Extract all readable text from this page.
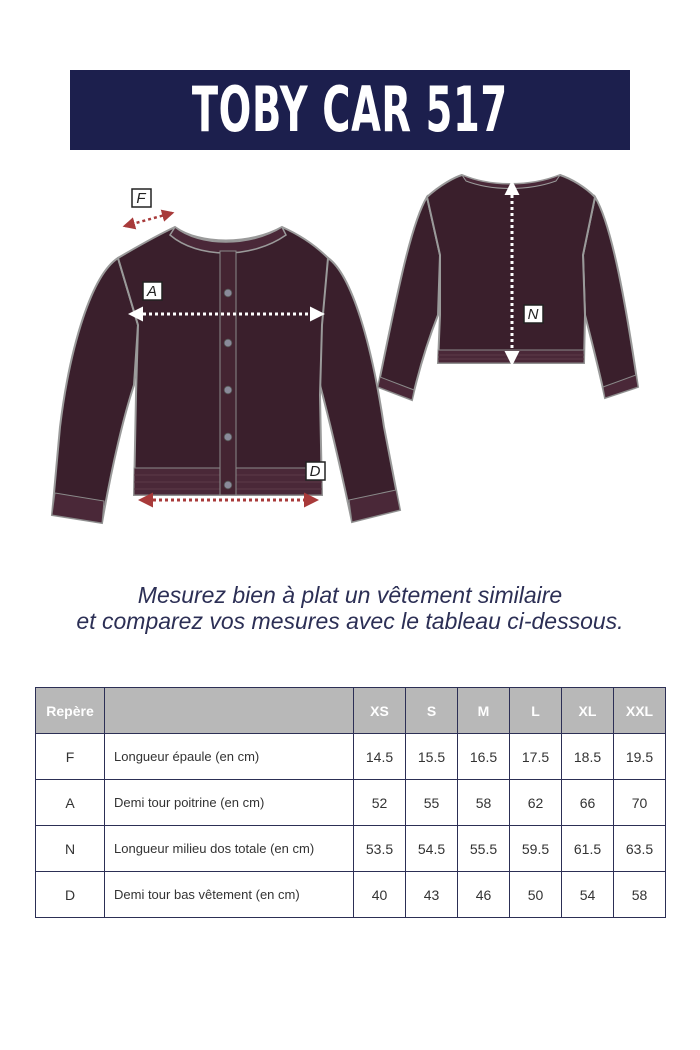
TOBY CAR 517
F
A
D
N
Mesurez bien à plat un vêtement similaire
et comparez vos mesures avec le tableau ci-dessous.
Repère		XS	S	M	L	XL	XXL
F	Longueur épaule (en cm)	14.5	15.5	16.5	17.5	18.5	19.5
A	Demi tour poitrine (en cm)	52	55	58	62	66	70
N	Longueur milieu dos totale (en cm)	53.5	54.5	55.5	59.5	61.5	63.5
D	Demi tour bas vêtement (en cm)	40	43	46	50	54	58
